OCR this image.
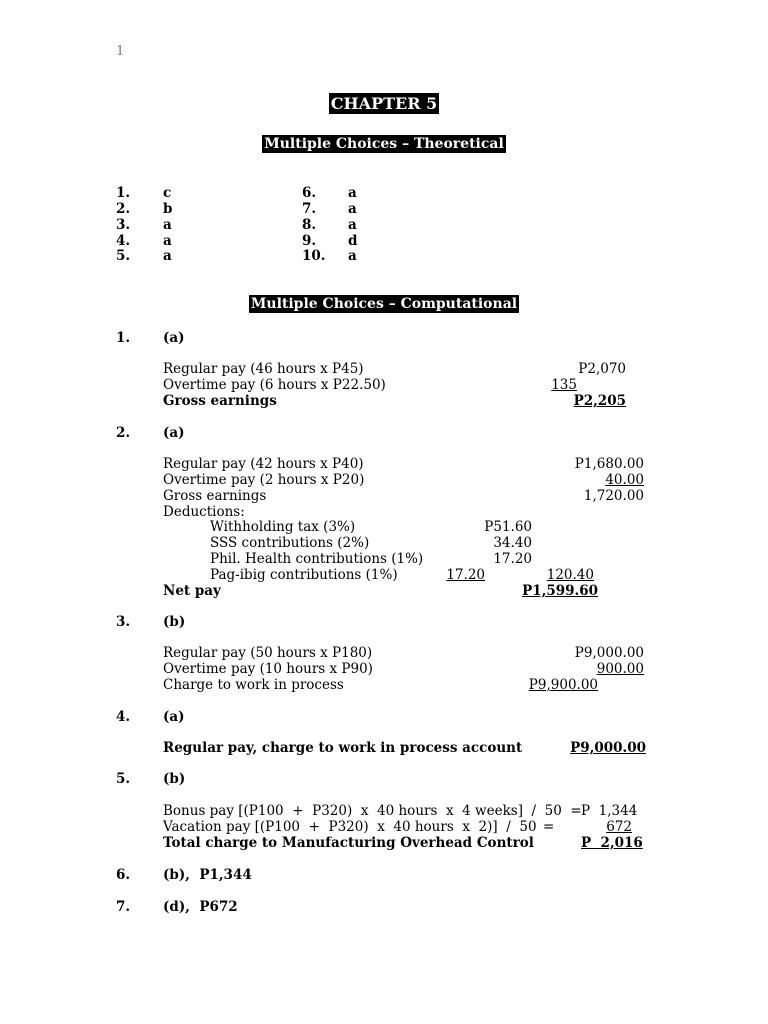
1
CHAPTER 5
Multiple Choices – Theoretical
1. c
2. b
3. a
4. a
5. a
6. a
7. a
8. a
9. d
10. a
Multiple Choices – Computational
1. (a)
Regular pay (46 hours x P45)	P2,070
Overtime pay (6 hours x P22.50)	135
Gross earnings	P2,205
2. (a)
Regular pay (42 hours x P40)	P1,680.00
Overtime pay (2 hours x P20)	40.00
Gross earnings	1,720.00
Deductions:
Withholding tax (3%)	P51.60
SSS contributions (2%)	34.40
Phil. Health contributions (1%)	17.20
Pag-ibig contributions (1%)	17.20	120.40
Net pay	P1,599.60
3. (b)
Regular pay (50 hours x P180)	P9,000.00
Overtime pay (10 hours x P90)	900.00
Charge to work in process	P9,900.00
4. (a)
Regular pay, charge to work in process account	P9,000.00
5. (b)
Bonus pay [(P100  +  P320)  x  40 hours  x  4 weeks]  /  50  = P  1,344
Vacation pay [(P100  +  P320)  x  40 hours  x  2)]  /  50 =	672
Total charge to Manufacturing Overhead Control	P  2,016
6. (b),  P1,344
7. (d),  P672
